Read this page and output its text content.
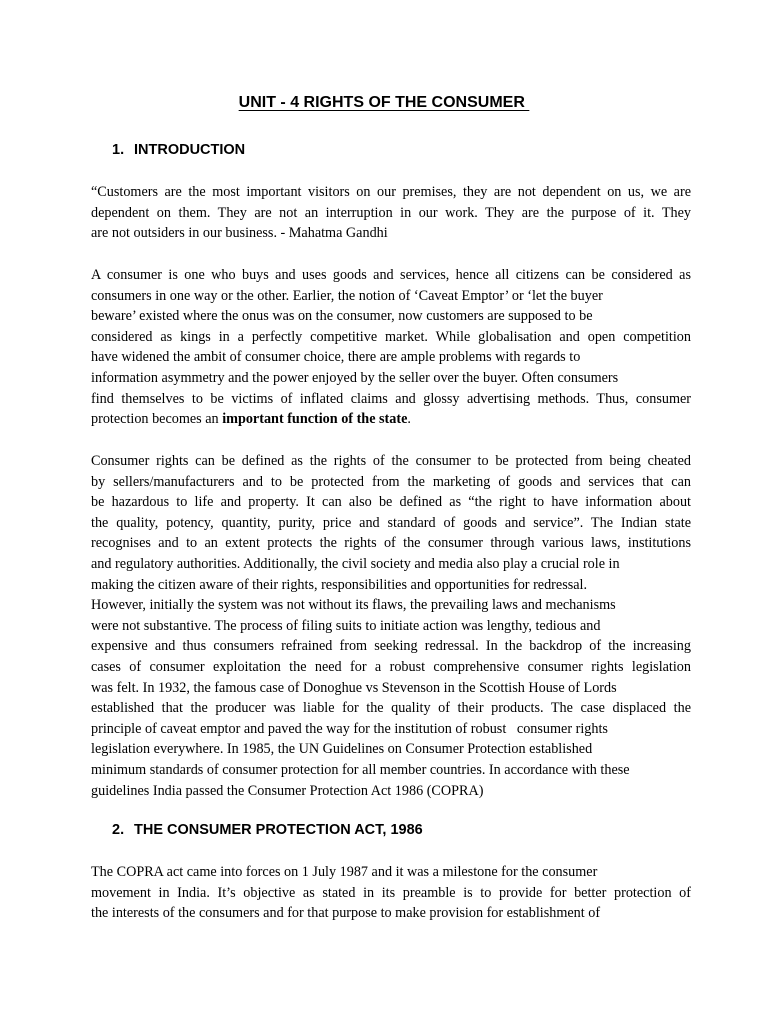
UNIT - 4 RIGHTS OF THE CONSUMER
1. INTRODUCTION
“Customers are the most important visitors on our premises, they are not dependent on us, we are
dependent on them. They are not an interruption in our work. They are the purpose of it. They
are not outsiders in our business. - Mahatma Gandhi
A consumer is one who buys and uses goods and services, hence all citizens can be considered as
consumers in one way or the other. Earlier, the notion of ‘Caveat Emptor’ or ‘let the buyer
beware’ existed where the onus was on the consumer, now customers are supposed to be
considered as kings in a perfectly competitive market. While globalisation and open competition
have widened the ambit of consumer choice, there are ample problems with regards to
information asymmetry and the power enjoyed by the seller over the buyer. Often consumers
find themselves to be victims of inflated claims and glossy advertising methods. Thus, consumer
protection becomes an important function of the state.
Consumer rights can be defined as the rights of the consumer to be protected from being cheated
by sellers/manufacturers and to be protected from the marketing of goods and services that can
be hazardous to life and property. It can also be defined as “the right to have information about
the quality, potency, quantity, purity, price and standard of goods and service”. The Indian state
recognises and to an extent protects the rights of the consumer through various laws, institutions
and regulatory authorities. Additionally, the civil society and media also play a crucial role in
making the citizen aware of their rights, responsibilities and opportunities for redressal.
However, initially the system was not without its flaws, the prevailing laws and mechanisms
were not substantive. The process of filing suits to initiate action was lengthy, tedious and
expensive and thus consumers refrained from seeking redressal. In the backdrop of the increasing
cases of consumer exploitation the need for a robust comprehensive consumer rights legislation
was felt. In 1932, the famous case of Donoghue vs Stevenson in the Scottish House of Lords
established that the producer was liable for the quality of their products. The case displaced the
principle of caveat emptor and paved the way for the institution of robust   consumer rights
legislation everywhere. In 1985, the UN Guidelines on Consumer Protection established
minimum standards of consumer protection for all member countries. In accordance with these
guidelines India passed the Consumer Protection Act 1986 (COPRA)
2. THE CONSUMER PROTECTION ACT, 1986
The COPRA act came into forces on 1 July 1987 and it was a milestone for the consumer
movement in India. It’s objective as stated in its preamble is to provide for better protection of
the interests of the consumers and for that purpose to make provision for establishment of
